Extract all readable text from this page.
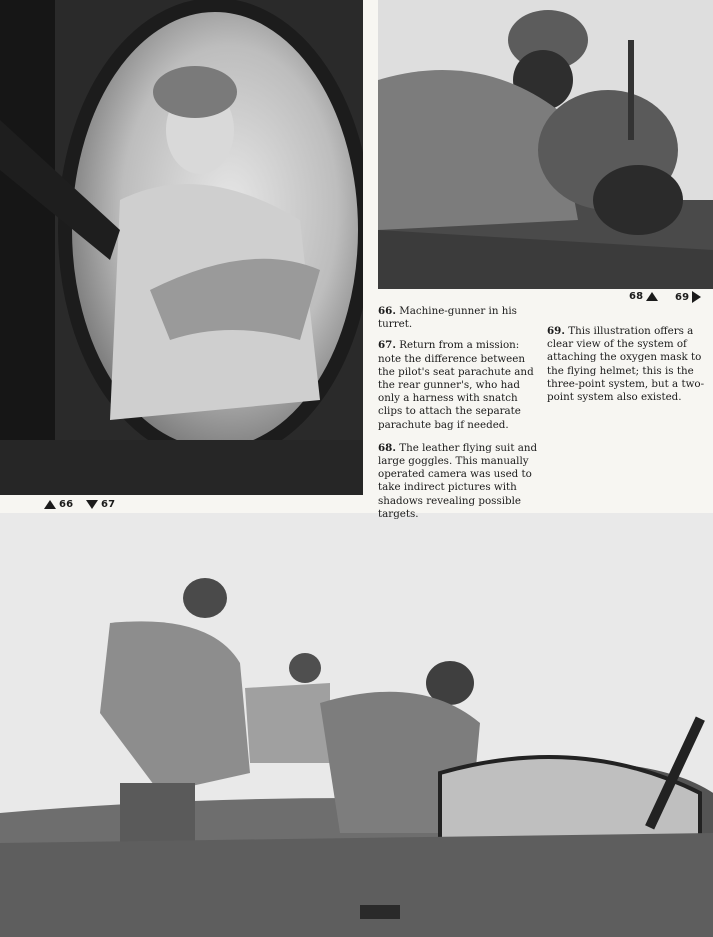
66	67
68	69

66. Machine-gunner in his turret.

67. Return from a mission: note the difference between the pilot's seat parachute and the rear gunner's, who had only a harness with snatch clips to attach the separate parachute bag if needed.

68. The leather flying suit and large goggles. This manually operated camera was used to take indirect pictures with shadows revealing possible targets.

69. This illustration offers a clear view of the system of attaching the oxygen mask to the flying helmet; this is the three-point system, but a two-point system also existed.
